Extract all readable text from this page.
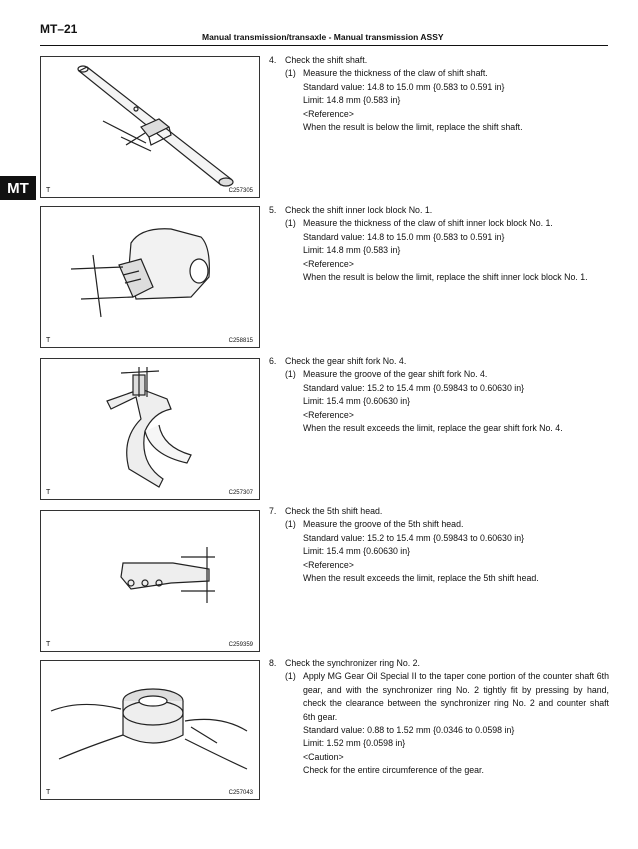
MT–21
Manual transmission/transaxle - Manual transmission ASSY
MT	T	C257305
T	C258815
T	C257307
T	C259359
T	C257043
4. Check the shift shaft.
(1) Measure the thickness of the claw of shift shaft.

Standard value: 14.8 to 15.0 mm {0.583 to 0.591 in}

Limit: 14.8 mm {0.583 in}

<Reference>

When the result is below the limit, replace the shift shaft.

5. Check the shift inner lock block No. 1.
(1) Measure the thickness of the claw of shift inner lock block No. 1.

Standard value: 14.8 to 15.0 mm {0.583 to 0.591 in}

Limit: 14.8 mm {0.583 in}

<Reference>

When the result is below the limit, replace the shift inner lock block No. 1.

6. Check the gear shift fork No. 4.
(1) Measure the groove of the gear shift fork No. 4.

Standard value: 15.2 to 15.4 mm {0.59843 to 0.60630 in}

Limit: 15.4 mm {0.60630 in}

<Reference>

When the result exceeds the limit, replace the gear shift fork No. 4.

7. Check the 5th shift head.
(1) Measure the groove of the 5th shift head.

Standard value: 15.2 to 15.4 mm {0.59843 to 0.60630 in}

Limit: 15.4 mm {0.60630 in}

<Reference>

When the result exceeds the limit, replace the 5th shift head.

8. Check the synchronizer ring No. 2.
(1) Apply MG Gear Oil Special II to the taper cone portion of the counter shaft 6th gear, and with the synchronizer ring No. 2 tightly fit by pressing by hand, check the clearance between the synchronizer ring No. 2 and counter shaft 6th gear.

Standard value: 0.88 to 1.52 mm {0.0346 to 0.0598 in}

Limit: 1.52 mm {0.0598 in}

<Caution>

Check for the entire circumference of the gear.
